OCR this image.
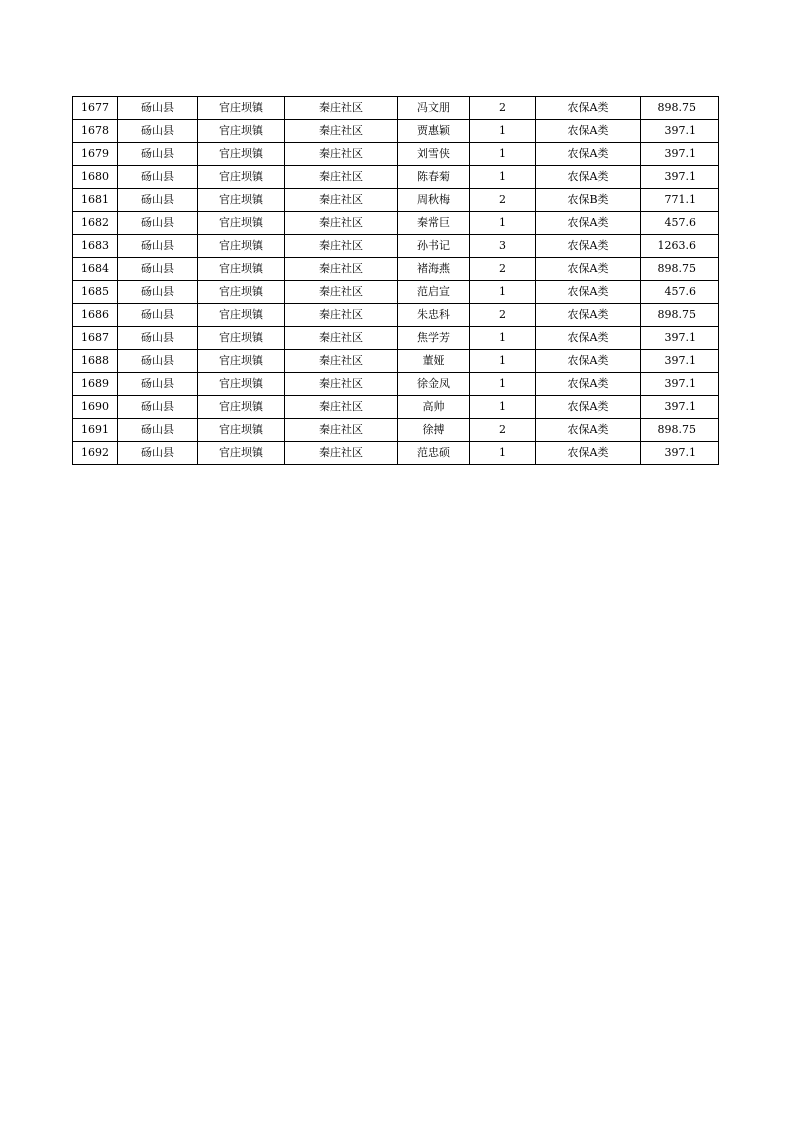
1677	砀山县	官庄坝镇	秦庄社区	冯文朋	2	农保A类	898.75
1678	砀山县	官庄坝镇	秦庄社区	贾惠颖	1	农保A类	397.1
1679	砀山县	官庄坝镇	秦庄社区	刘雪侠	1	农保A类	397.1
1680	砀山县	官庄坝镇	秦庄社区	陈春菊	1	农保A类	397.1
1681	砀山县	官庄坝镇	秦庄社区	周秋梅	2	农保B类	771.1
1682	砀山县	官庄坝镇	秦庄社区	秦常巨	1	农保A类	457.6
1683	砀山县	官庄坝镇	秦庄社区	孙书记	3	农保A类	1263.6
1684	砀山县	官庄坝镇	秦庄社区	褚海燕	2	农保A类	898.75
1685	砀山县	官庄坝镇	秦庄社区	范启宣	1	农保A类	457.6
1686	砀山县	官庄坝镇	秦庄社区	朱忠科	2	农保A类	898.75
1687	砀山县	官庄坝镇	秦庄社区	焦学芳	1	农保A类	397.1
1688	砀山县	官庄坝镇	秦庄社区	董娅	1	农保A类	397.1
1689	砀山县	官庄坝镇	秦庄社区	徐金凤	1	农保A类	397.1
1690	砀山县	官庄坝镇	秦庄社区	高帅	1	农保A类	397.1
1691	砀山县	官庄坝镇	秦庄社区	徐搏	2	农保A类	898.75
1692	砀山县	官庄坝镇	秦庄社区	范忠硕	1	农保A类	397.1
